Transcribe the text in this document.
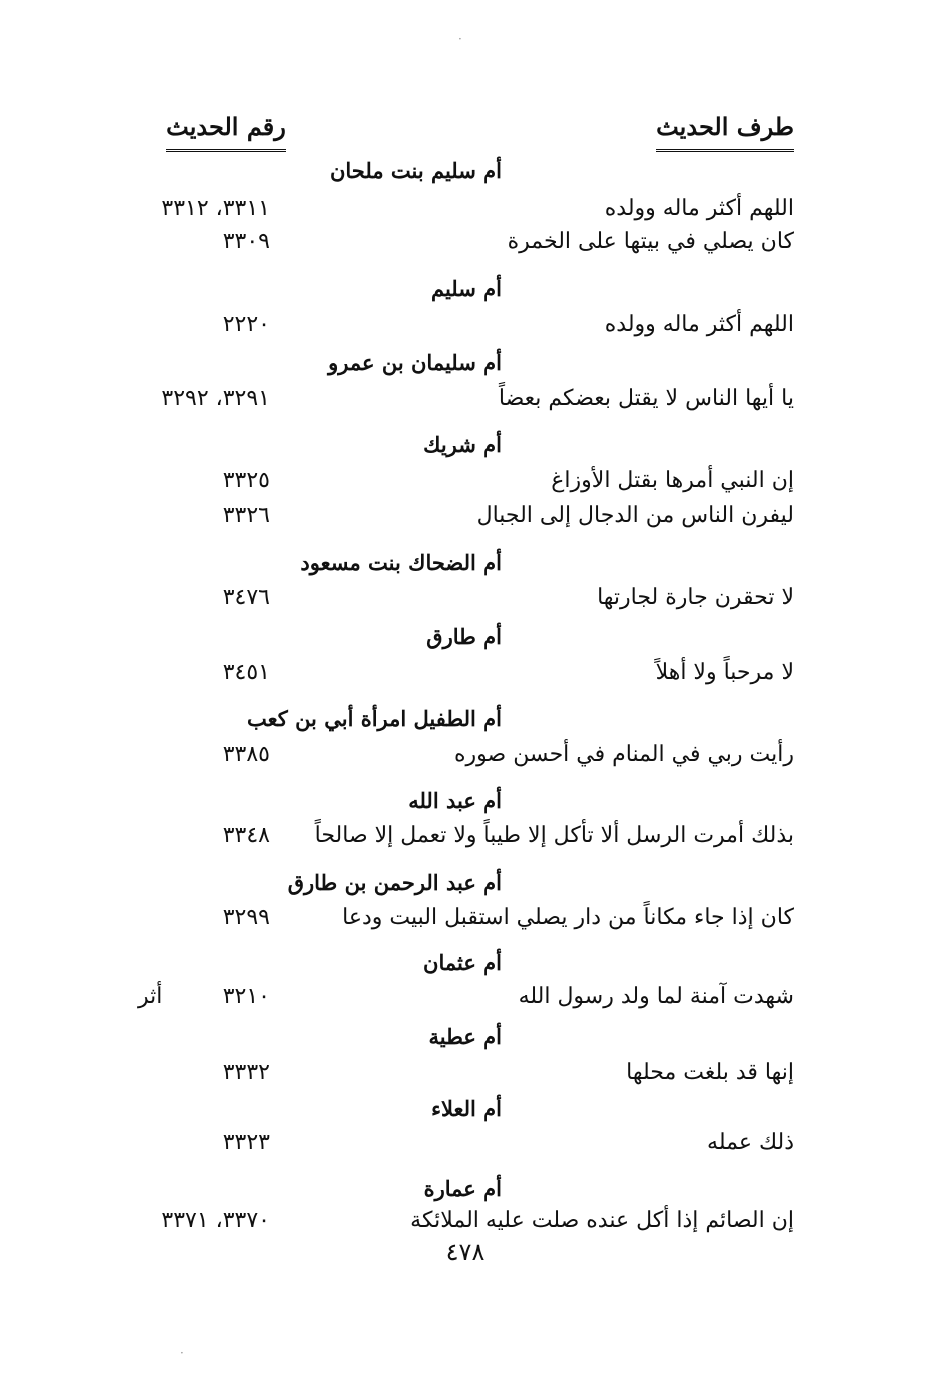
طرف الحديث
رقم الحديث
أم سليم بنت ملحان
اللهم أكثر ماله وولده
٣٣١١، ٣٣١٢
كان يصلي في بيتها على الخمرة
٣٣٠٩
أم سليم
اللهم أكثر ماله وولده
٢٢٢٠
أم سليمان بن عمرو
يا أيها الناس لا يقتل بعضكم بعضاً
٣٢٩١، ٣٢٩٢
أم شريك
إن النبي أمرها بقتل الأوزاغ
٣٣٢٥
ليفرن الناس من الدجال إلى الجبال
٣٣٢٦
أم الضحاك بنت مسعود
لا تحقرن جارة لجارتها
٣٤٧٦
أم طارق
لا مرحباً ولا أهلاً
٣٤٥١
أم الطفيل امرأة أبي بن كعب
رأيت ربي في المنام في أحسن صوره
٣٣٨٥
أم عبد الله
بذلك أمرت الرسل ألا تأكل إلا طيباً ولا تعمل إلا صالحاً
٣٣٤٨
أم عبد الرحمن بن طارق
كان إذا جاء مكاناً من دار يصلي استقبل البيت ودعا
٣٢٩٩
أم عثمان
شهدت آمنة لما ولد رسول الله
٣٢١٠
أثر
أم عطية
إنها قد بلغت محلها
٣٣٣٢
أم العلاء
ذلك عمله
٣٣٢٣
أم عمارة
إن الصائم إذا أكل عنده صلت عليه الملائكة
٣٣٧٠، ٣٣٧١
٤٧٨
·
·
